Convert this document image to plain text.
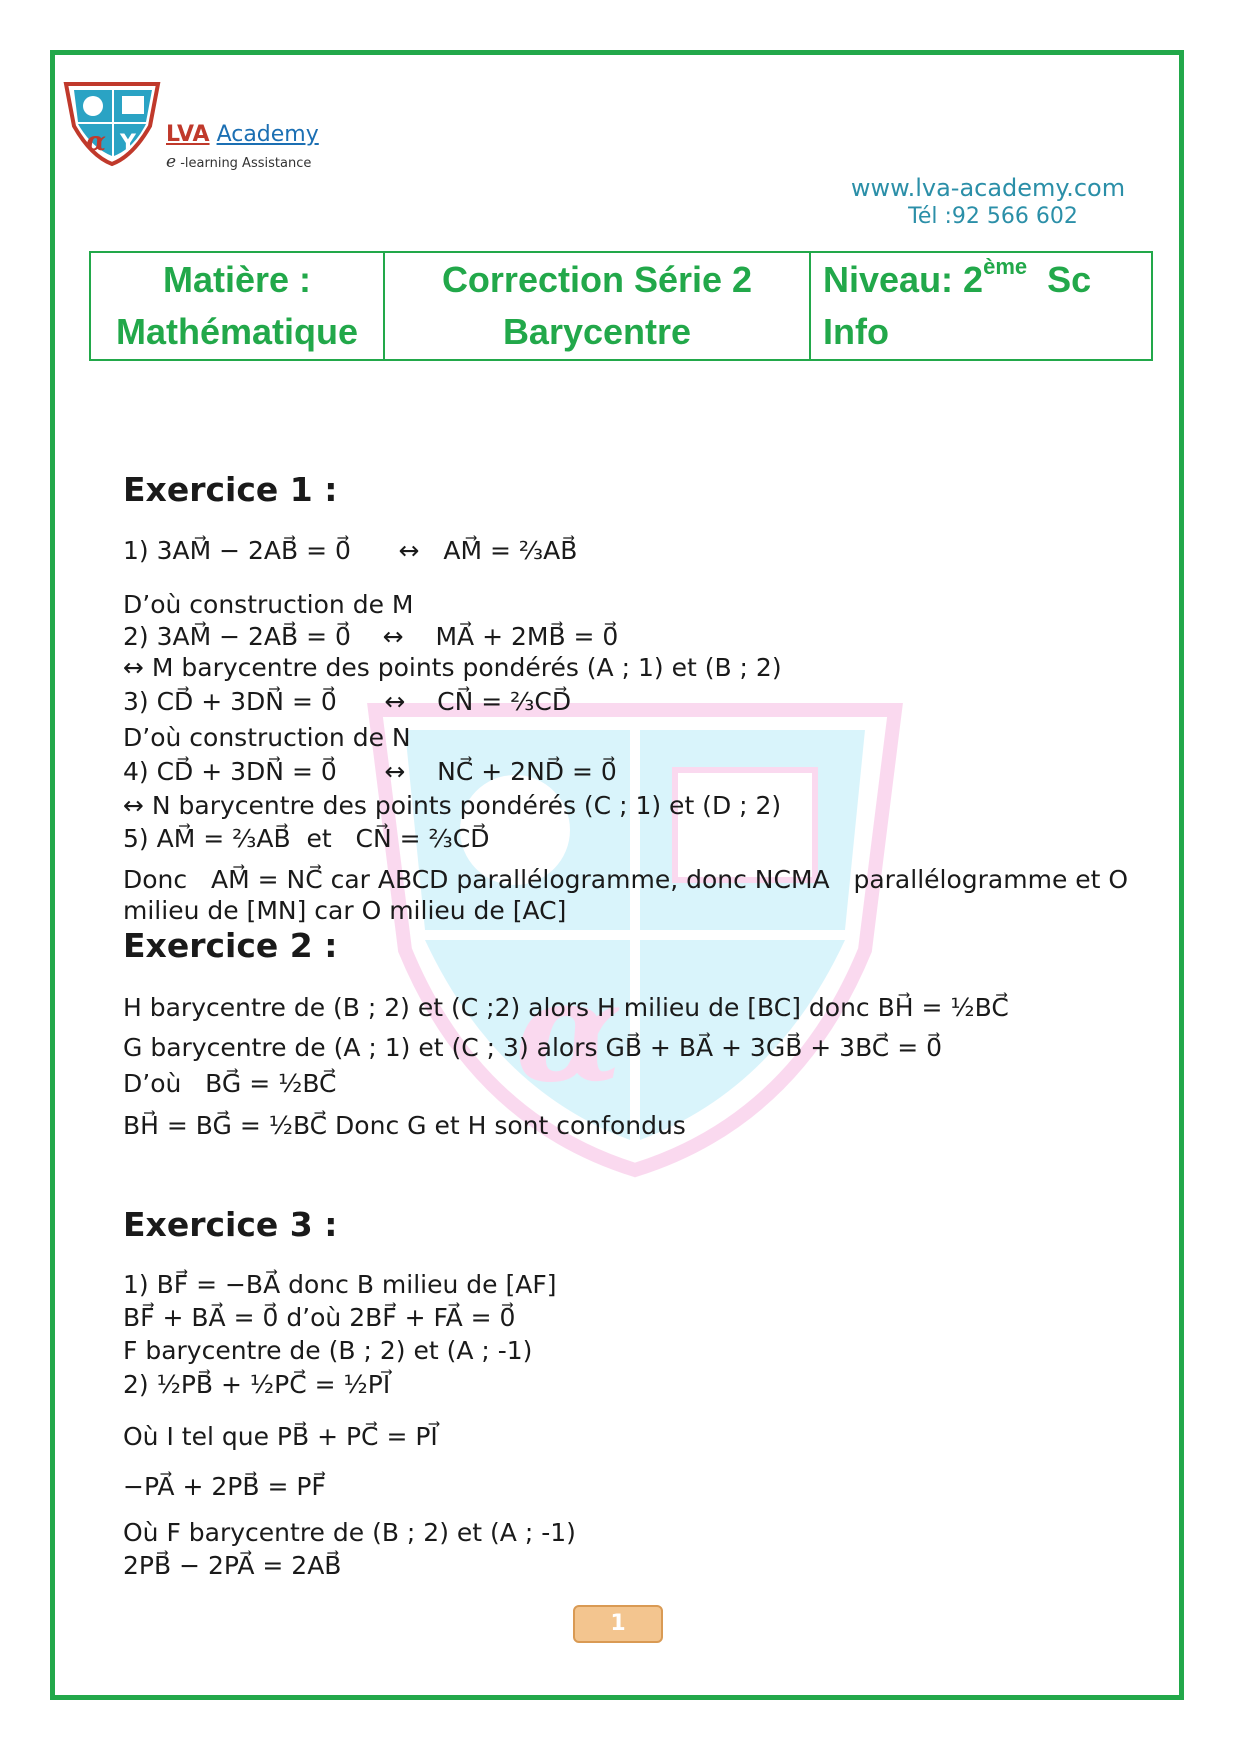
α Y LVA Academy
e -learning Assistance
www.lva-academy.com
Tél :92 566 602
Matière :
Mathématique

Correction Série 2
Barycentre

Niveau: 2ème  Sc
Info
α
Exercice 1 :
1) 3AM⃗ − 2AB⃗ = 0⃗      ↔   AM⃗ = ⅔AB⃗
D’où construction de M
2) 3AM⃗ − 2AB⃗ = 0⃗    ↔    MA⃗ + 2MB⃗ = 0⃗
↔ M barycentre des points pondérés (A ; 1) et (B ; 2)
3) CD⃗ + 3DN⃗ = 0⃗      ↔    CN⃗ = ⅔CD⃗
D’où construction de N
4) CD⃗ + 3DN⃗ = 0⃗      ↔    NC⃗ + 2ND⃗ = 0⃗
↔ N barycentre des points pondérés (C ; 1) et (D ; 2)
5) AM⃗ = ⅔AB⃗  et   CN⃗ = ⅔CD⃗
Donc   AM⃗ = NC⃗ car ABCD parallélogramme, donc NCMA   parallélogramme et O
milieu de [MN] car O milieu de [AC]
Exercice 2 :
H barycentre de (B ; 2) et (C ;2) alors H milieu de [BC] donc BH⃗ = ½BC⃗
G barycentre de (A ; 1) et (C ; 3) alors GB⃗ + BA⃗ + 3GB⃗ + 3BC⃗ = 0⃗
D’où   BG⃗ = ½BC⃗
BH⃗ = BG⃗ = ½BC⃗ Donc G et H sont confondus
Exercice 3 :
1) BF⃗ = −BA⃗ donc B milieu de [AF]
BF⃗ + BA⃗ = 0⃗ d’où 2BF⃗ + FA⃗ = 0⃗
F barycentre de (B ; 2) et (A ; -1)
2) ½PB⃗ + ½PC⃗ = ½PI⃗
Où I tel que PB⃗ + PC⃗ = PI⃗
−PA⃗ + 2PB⃗ = PF⃗
Où F barycentre de (B ; 2) et (A ; -1)
2PB⃗ − 2PA⃗ = 2AB⃗
1
